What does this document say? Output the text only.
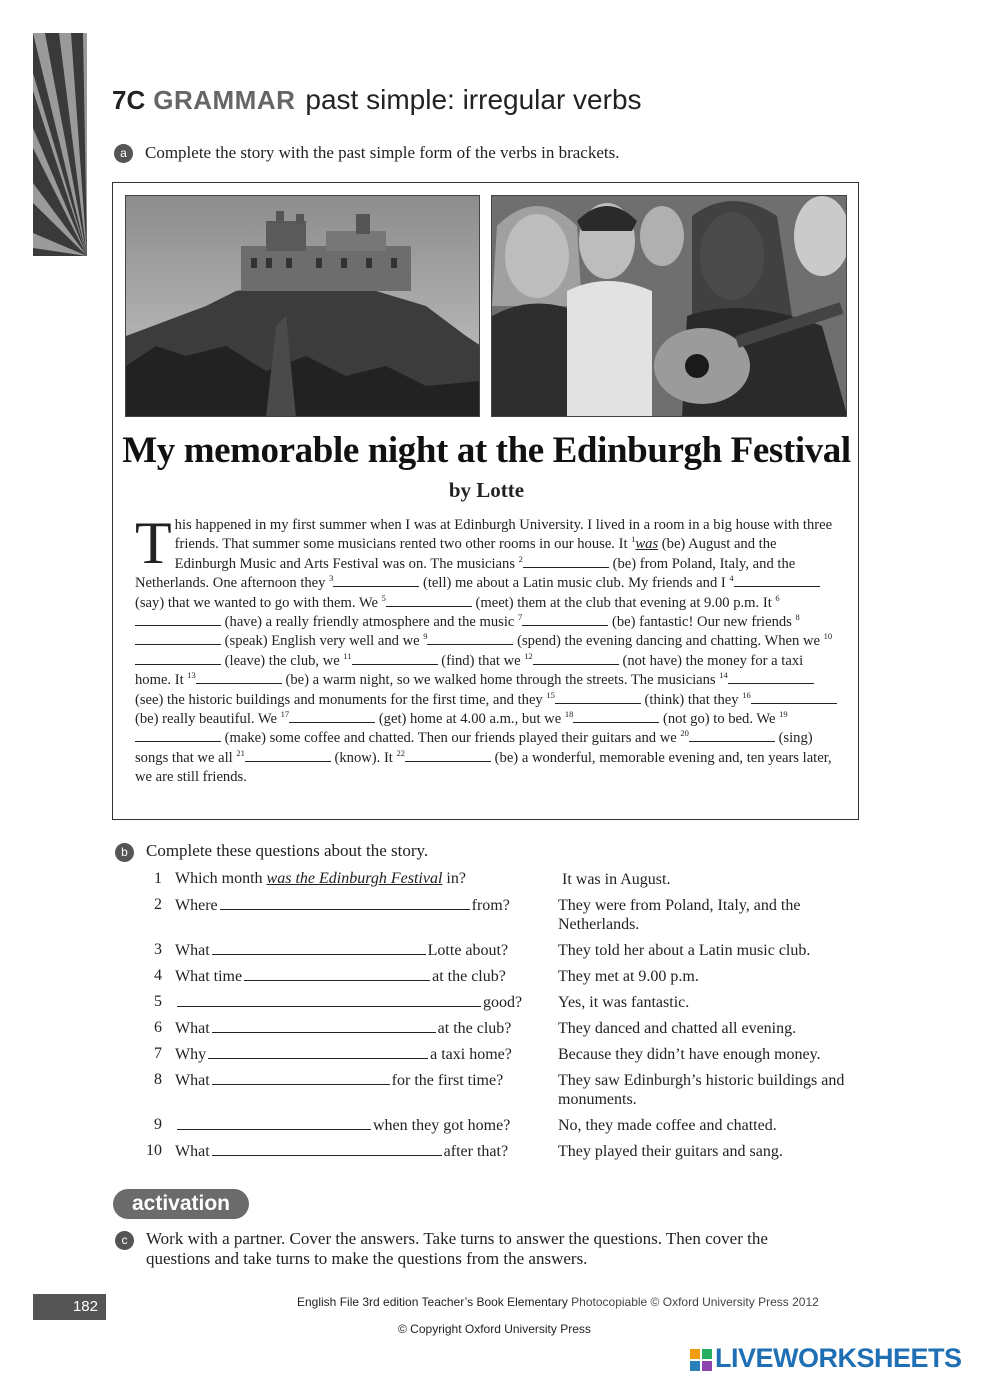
7C GRAMMAR past simple: irregular verbs
a	Complete the story with the past simple form of the verbs in brackets.
My memorable night at the Edinburgh Festival
by Lotte
This happened in my first summer when I was at Edinburgh University. I lived in a room in a big house with three friends. That summer some musicians rented two other rooms in our house. It $^1$was (be) August and the Edinburgh Music and Arts Festival was on. The musicians $^2$	(be) from Poland, Italy, and the Netherlands. One afternoon they $^3$	(tell) me about a Latin music club. My friends and I $^4$ (say) that we wanted to go with them. We $^5$	(meet) them at the club that evening at 9.00 p.m. It $^6$ (have) a really friendly atmosphere and the music $^7$	(be) fantastic! Our new friends $^8$ (speak) English very well and we $^9$	(spend) the evening dancing and chatting. When we $^{10}$ (leave) the club, we $^{11}$	(find) that we $^{12}$	(not have) the money for a taxi home. It $^{13}$	(be) a warm night, so we walked home through the streets. The musicians $^{14}$ (see) the historic buildings and monuments for the first time, and they $^{15}$	(think) that they $^{16}$ (be) really beautiful. We $^{17}$	(get) home at 4.00 a.m., but we $^{18}$	(not go) to bed. We $^{19}$ (make) some coffee and chatted. Then our friends played their guitars and we $^{20}$	(sing) songs that we all $^{21}$	(know). It $^{22}$	(be) a wonderful, memorable evening and, ten years later, we are still friends.
b	Complete these questions about the story.
1 Which month was the Edinburgh Festival in?	It was in August.
2 Where	from?	They were from Poland, Italy, and the Netherlands.
3 What	Lotte about?	They told her about a Latin music club.
4 What time	at the club?	They met at 9.00 p.m.
5	good? Yes, it was fantastic.
6 What	at the club?	They danced and chatted all evening.
7 Why	a taxi home?	Because they didn’t have enough money.
8 What	for the first time?	They saw Edinburgh’s historic buildings and monuments.
9	when they got home?	No, they made coffee and chatted.
10 What	after that?	They played their guitars and sang.
activation
c	Work with a partner. Cover the answers. Take turns to answer the questions. Then cover the
questions and take turns to make the questions from the answers.
182	English File 3rd edition Teacher’s Book Elementary Photocopiable © Oxford University Press 2012
© Copyright Oxford University Press
LIVEWORKSHEETS
